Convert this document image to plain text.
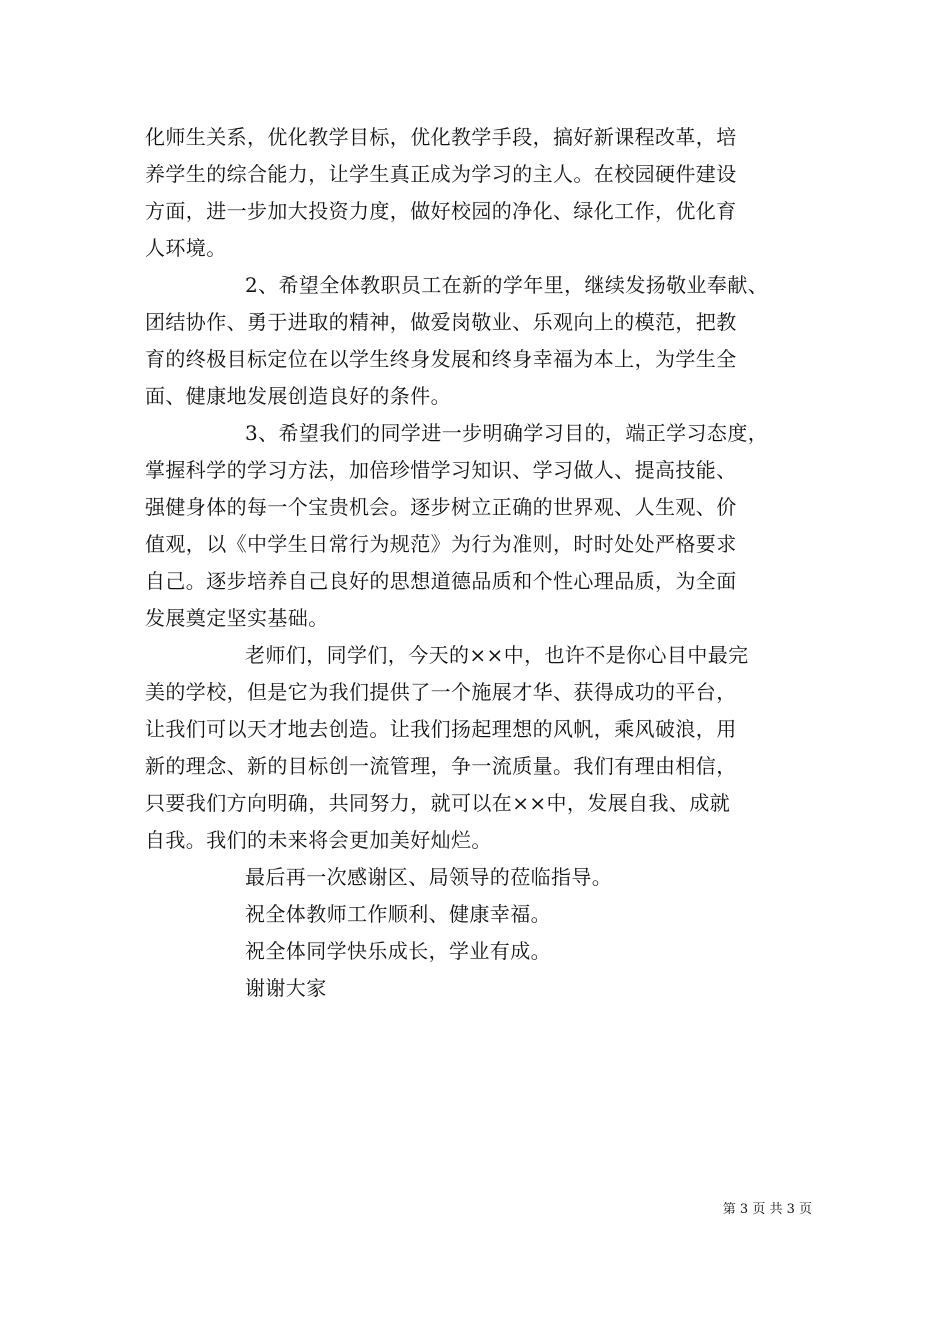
化师生关系，优化教学目标，优化教学手段，搞好新课程改革，培
养学生的综合能力，让学生真正成为学习的主人。在校园硬件建设
方面，进一步加大投资力度，做好校园的净化、绿化工作，优化育
人环境。
2、希望全体教职员工在新的学年里，继续发扬敬业奉献、
团结协作、勇于进取的精神，做爱岗敬业、乐观向上的模范，把教
育的终极目标定位在以学生终身发展和终身幸福为本上，为学生全
面、健康地发展创造良好的条件。
3、希望我们的同学进一步明确学习目的，端正学习态度，
掌握科学的学习方法，加倍珍惜学习知识、学习做人、提高技能、
强健身体的每一个宝贵机会。逐步树立正确的世界观、人生观、价
值观，以《中学生日常行为规范》为行为准则，时时处处严格要求
自己。逐步培养自己良好的思想道德品质和个性心理品质，为全面
发展奠定坚实基础。
老师们，同学们，今天的××中，也许不是你心目中最完
美的学校，但是它为我们提供了一个施展才华、获得成功的平台，
让我们可以天才地去创造。让我们扬起理想的风帆，乘风破浪，用
新的理念、新的目标创一流管理，争一流质量。我们有理由相信，
只要我们方向明确，共同努力，就可以在××中，发展自我、成就
自我。我们的未来将会更加美好灿烂。
最后再一次感谢区、局领导的莅临指导。
祝全体教师工作顺利、健康幸福。
祝全体同学快乐成长，学业有成。
谢谢大家
第 3 页 共 3 页
